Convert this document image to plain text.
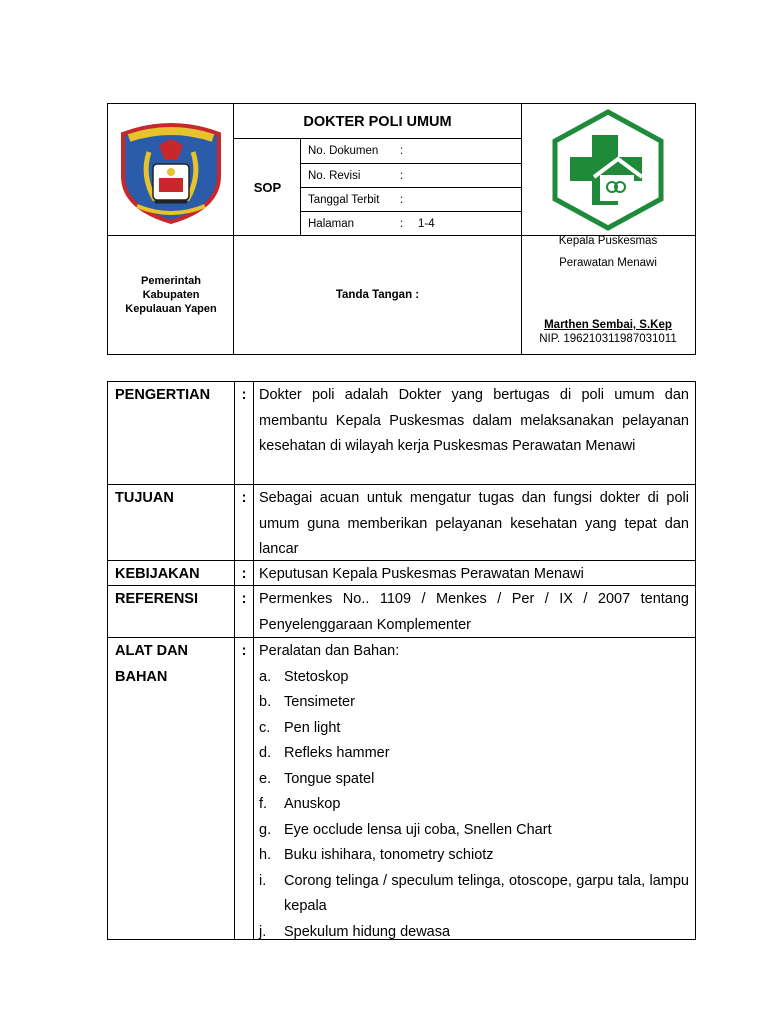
DOKTER POLI UMUM
SOP
No. Dokumen	:
No. Revisi	:
Tanggal Terbit	:
Halaman	:	1-4
Pemerintah
Kabupaten
Kepulauan Yapen
Tanda Tangan :
Kepala Puskesmas
Perawatan Menawi
Marthen Sembai, S.Kep
NIP. 196210311987031011
PENGERTIAN	: Dokter poli adalah Dokter yang bertugas di poli umum dan membantu Kepala Puskesmas dalam melaksanakan pelayanan kesehatan di wilayah kerja Puskesmas Perawatan Menawi
TUJUAN	: Sebagai acuan untuk mengatur tugas dan fungsi dokter di poli umum guna memberikan pelayanan kesehatan yang tepat dan lancar
KEBIJAKAN	: Keputusan Kepala Puskesmas Perawatan Menawi
REFERENSI	: Permenkes No.. 1109 / Menkes / Per / IX / 2007 tentang Penyelenggaraan Komplementer
ALAT DAN
BAHAN
: Peralatan dan Bahan:
a. Stetoskop
b. Tensimeter
c. Pen light
d. Refleks hammer
e. Tongue spatel
f.	Anuskop
g. Eye occlude lensa uji coba, Snellen Chart
h. Buku ishihara, tonometry schiotz
i.	Corong telinga / speculum telinga, otoscope, garpu tala, lampu kepala
j.	Spekulum hidung dewasa
